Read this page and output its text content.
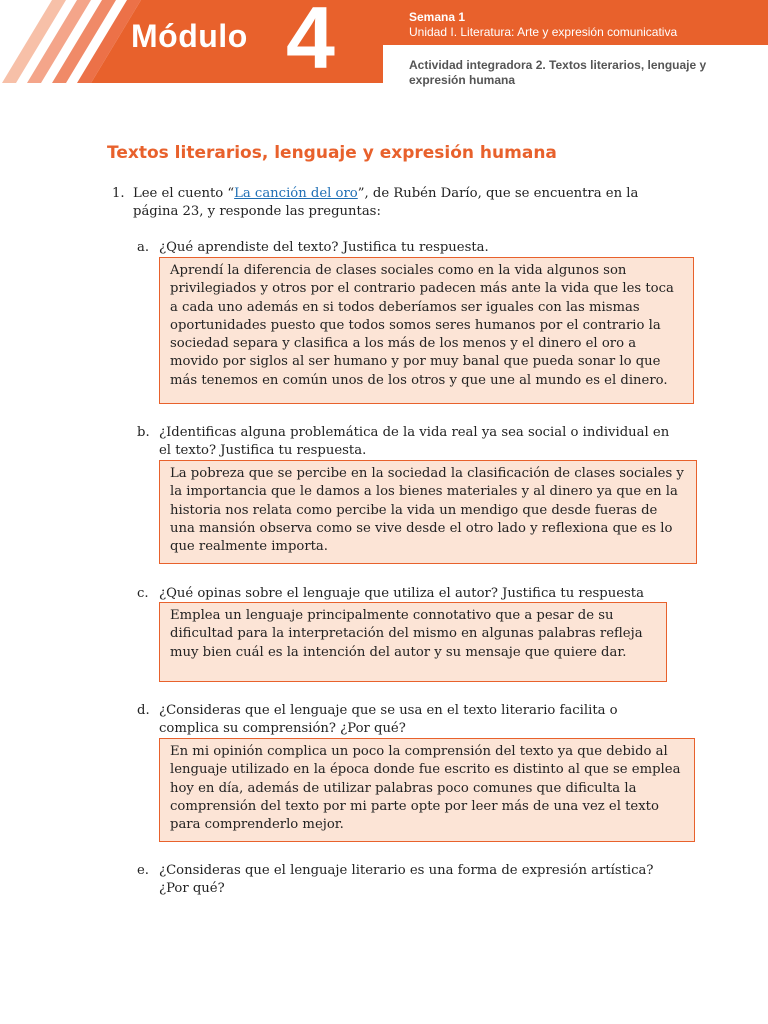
Módulo 4	Semana 1
Unidad I. Literatura: Arte y expresión comunicativa
Actividad integradora 2. Textos literarios, lenguaje y expresión humana
Textos literarios, lenguaje y expresión humana
1. Lee el cuento “La canción del oro”, de Rubén Darío, que se encuentra en la página 23, y responde las preguntas:
a. ¿Qué aprendiste del texto? Justifica tu respuesta.
Aprendí la diferencia de clases sociales como en la vida algunos son privilegiados y otros por el contrario padecen más ante la vida que les toca a cada uno además en si todos deberíamos ser iguales con las mismas oportunidades puesto que todos somos seres humanos por el contrario la sociedad separa y clasifica a los más de los menos y el dinero el oro a movido por siglos al ser humano y por muy banal que pueda sonar lo que más tenemos en común unos de los otros y que une al mundo es el dinero.
b. ¿Identificas alguna problemática de la vida real ya sea social o individual en el texto? Justifica tu respuesta.
La pobreza que se percibe en la sociedad la clasificación de clases sociales y la importancia que le damos a los bienes materiales y al dinero ya que en la historia nos relata como percibe la vida un mendigo que desde fueras de una mansión observa como se vive desde el otro lado y reflexiona que es lo que realmente importa.
c. ¿Qué opinas sobre el lenguaje que utiliza el autor? Justifica tu respuesta
Emplea un lenguaje principalmente connotativo que a pesar de su dificultad para la interpretación del mismo en algunas palabras refleja muy bien cuál es la intención del autor y su mensaje que quiere dar.
d. ¿Consideras que el lenguaje que se usa en el texto literario facilita o complica su comprensión? ¿Por qué?
En mi opinión complica un poco la comprensión del texto ya que debido al lenguaje utilizado en la época donde fue escrito es distinto al que se emplea hoy en día, además de utilizar palabras poco comunes que dificulta la comprensión del texto por mi parte opte por leer más de una vez el texto para comprenderlo mejor.
e. ¿Consideras que el lenguaje literario es una forma de expresión artística? ¿Por qué?
